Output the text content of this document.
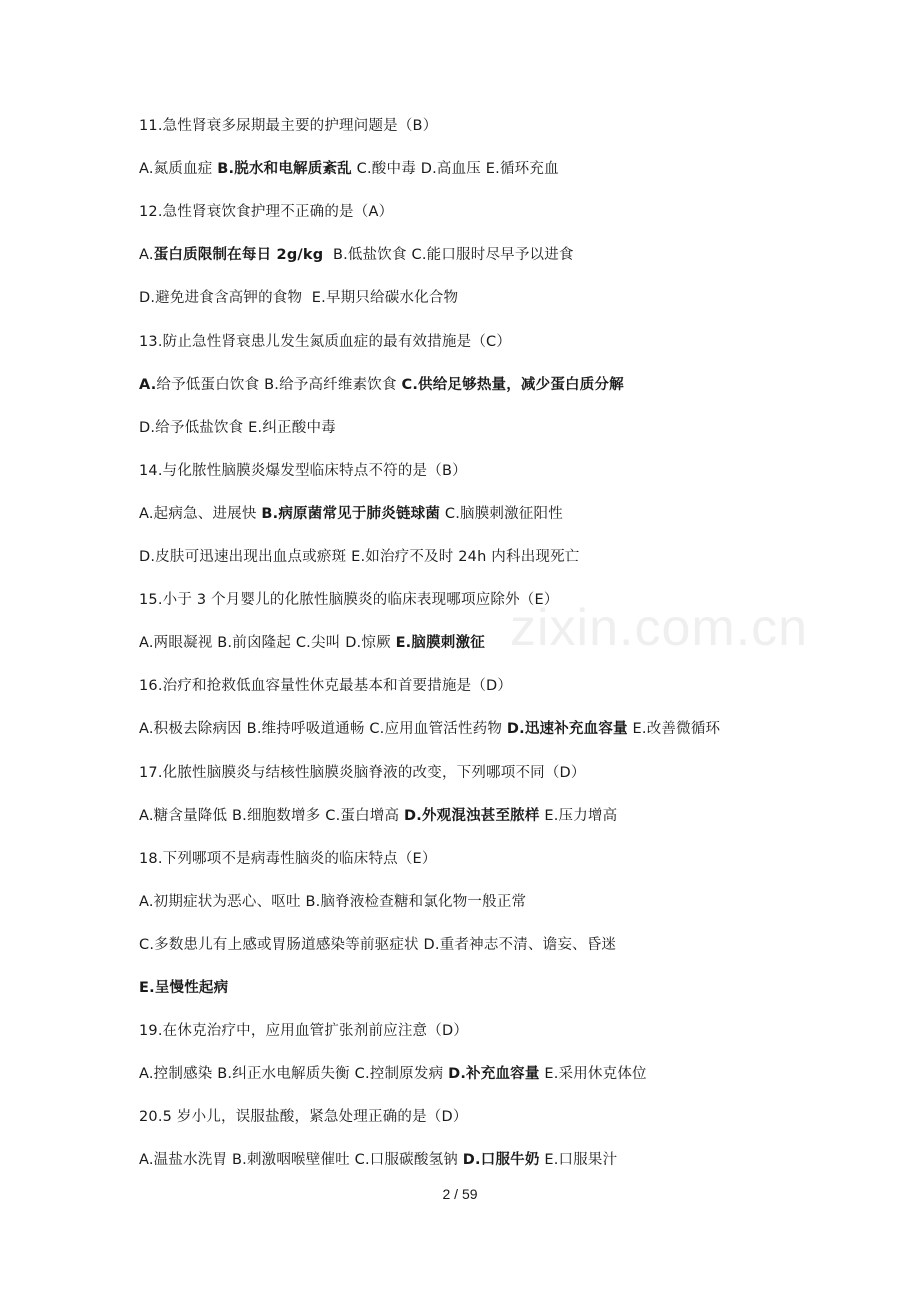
11.急性肾衰多尿期最主要的护理问题是（B）
A.氮质血症 B.脱水和电解质紊乱 C.酸中毒 D.高血压 E.循环充血
12.急性肾衰饮食护理不正确的是（A）
A.蛋白质限制在每日 2g/kg  B.低盐饮食 C.能口服时尽早予以进食
D.避免进食含高钾的食物  E.早期只给碳水化合物
13.防止急性肾衰患儿发生氮质血症的最有效措施是（C）
A.给予低蛋白饮食 B.给予高纤维素饮食 C.供给足够热量，减少蛋白质分解
D.给予低盐饮食 E.纠正酸中毒
14.与化脓性脑膜炎爆发型临床特点不符的是（B）
A.起病急、进展快 B.病原菌常见于肺炎链球菌 C.脑膜刺激征阳性
D.皮肤可迅速出现出血点或瘀斑 E.如治疗不及时 24h 内科出现死亡
15.小于 3 个月婴儿的化脓性脑膜炎的临床表现哪项应除外（E）
A.两眼凝视 B.前囟隆起 C.尖叫 D.惊厥 E.脑膜刺激征
16.治疗和抢救低血容量性休克最基本和首要措施是（D）
A.积极去除病因 B.维持呼吸道通畅 C.应用血管活性药物 D.迅速补充血容量 E.改善微循环
17.化脓性脑膜炎与结核性脑膜炎脑脊液的改变，下列哪项不同（D）
A.糖含量降低 B.细胞数增多 C.蛋白增高 D.外观混浊甚至脓样 E.压力增高
18.下列哪项不是病毒性脑炎的临床特点（E）
A.初期症状为恶心、呕吐 B.脑脊液检查糖和氯化物一般正常
C.多数患儿有上感或胃肠道感染等前驱症状 D.重者神志不清、谵妄、昏迷
E.呈慢性起病
19.在休克治疗中，应用血管扩张剂前应注意（D）
A.控制感染 B.纠正水电解质失衡 C.控制原发病 D.补充血容量 E.采用休克体位
20.5 岁小儿，误服盐酸，紧急处理正确的是（D）
A.温盐水洗胃 B.刺激咽喉壁催吐 C.口服碳酸氢钠 D.口服牛奶 E.口服果汁
zixin.com.cn
2 / 59
